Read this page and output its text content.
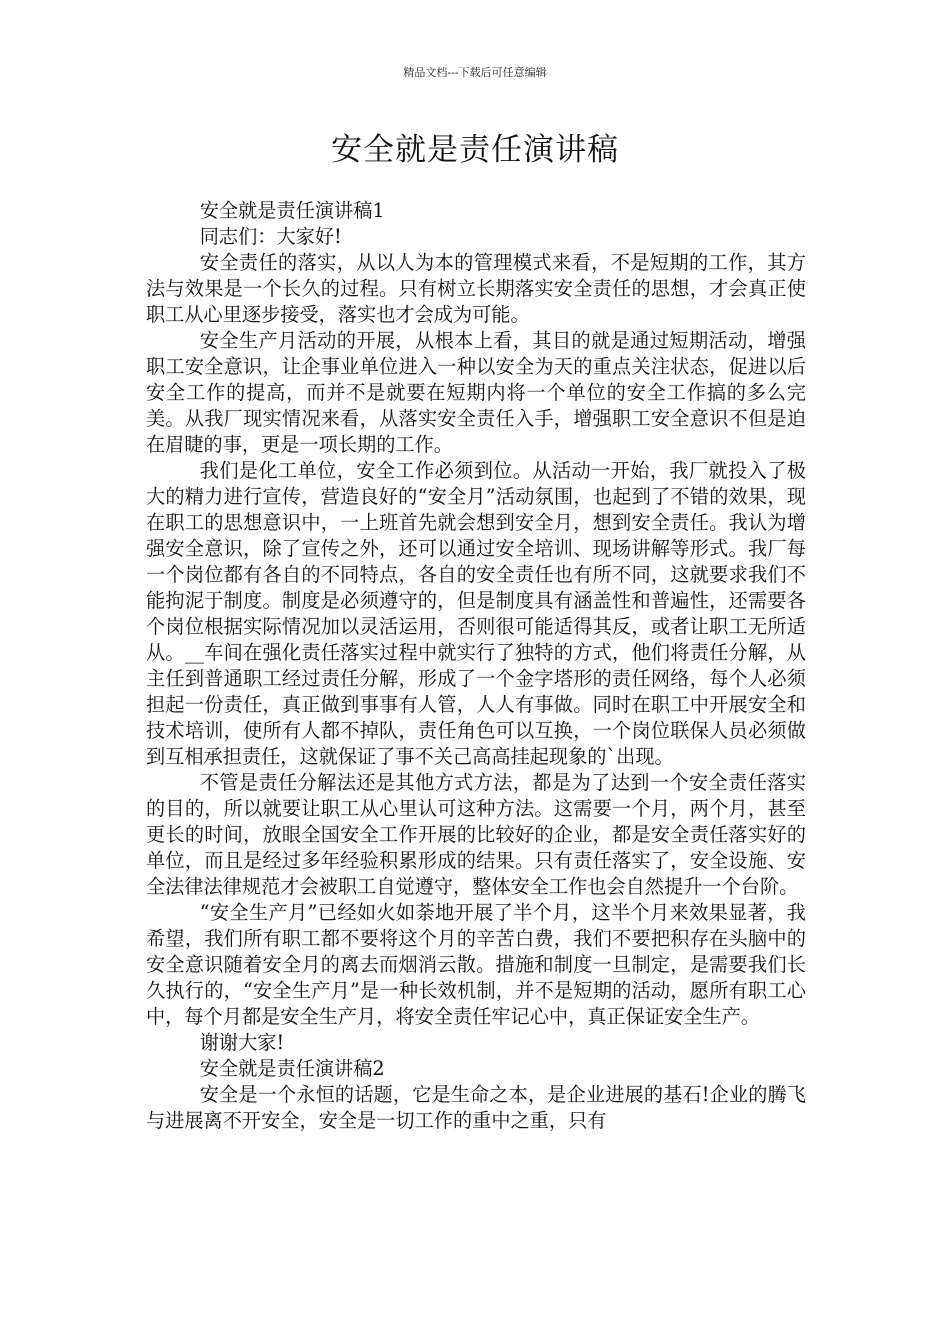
精品文档---下载后可任意编辑
安全就是责任演讲稿

安全就是责任演讲稿1

同志们：大家好!

安全责任的落实，从以人为本的管理模式来看，不是短期的工作，其方法与效果是一个长久的过程。只有树立长期落实安全责任的思想，才会真正使职工从心里逐步接受，落实也才会成为可能。

安全生产月活动的开展，从根本上看，其目的就是通过短期活动，增强职工安全意识，让企事业单位进入一种以安全为天的重点关注状态，促进以后安全工作的提高，而并不是就要在短期内将一个单位的安全工作搞的多么完美。从我厂现实情况来看，从落实安全责任入手，增强职工安全意识不但是迫在眉睫的事，更是一项长期的工作。

我们是化工单位，安全工作必须到位。从活动一开始，我厂就投入了极大的精力进行宣传，营造良好的“安全月”活动氛围，也起到了不错的效果，现在职工的思想意识中，一上班首先就会想到安全月，想到安全责任。我认为增强安全意识，除了宣传之外，还可以通过安全培训、现场讲解等形式。我厂每一个岗位都有各自的不同特点，各自的安全责任也有所不同，这就要求我们不能拘泥于制度。制度是必须遵守的，但是制度具有涵盖性和普遍性，还需要各个岗位根据实际情况加以灵活运用，否则很可能适得其反，或者让职工无所适从。__车间在强化责任落实过程中就实行了独特的方式，他们将责任分解，从主任到普通职工经过责任分解，形成了一个金字塔形的责任网络，每个人必须担起一份责任，真正做到事事有人管，人人有事做。同时在职工中开展安全和技术培训，使所有人都不掉队，责任角色可以互换，一个岗位联保人员必须做到互相承担责任，这就保证了事不关己高高挂起现象的`出现。

不管是责任分解法还是其他方式方法，都是为了达到一个安全责任落实的目的，所以就要让职工从心里认可这种方法。这需要一个月，两个月，甚至更长的时间，放眼全国安全工作开展的比较好的企业，都是安全责任落实好的单位，而且是经过多年经验积累形成的结果。只有责任落实了，安全设施、安全法律法律规范才会被职工自觉遵守，整体安全工作也会自然提升一个台阶。

“安全生产月”已经如火如荼地开展了半个月，这半个月来效果显著，我希望，我们所有职工都不要将这个月的辛苦白费，我们不要把积存在头脑中的安全意识随着安全月的离去而烟消云散。措施和制度一旦制定，是需要我们长久执行的，“安全生产月”是一种长效机制，并不是短期的活动，愿所有职工心中，每个月都是安全生产月，将安全责任牢记心中，真正保证安全生产。

谢谢大家!

安全就是责任演讲稿2

安全是一个永恒的话题，它是生命之本，是企业进展的基石!企业的腾飞与进展离不开安全，安全是一切工作的重中之重，只有
